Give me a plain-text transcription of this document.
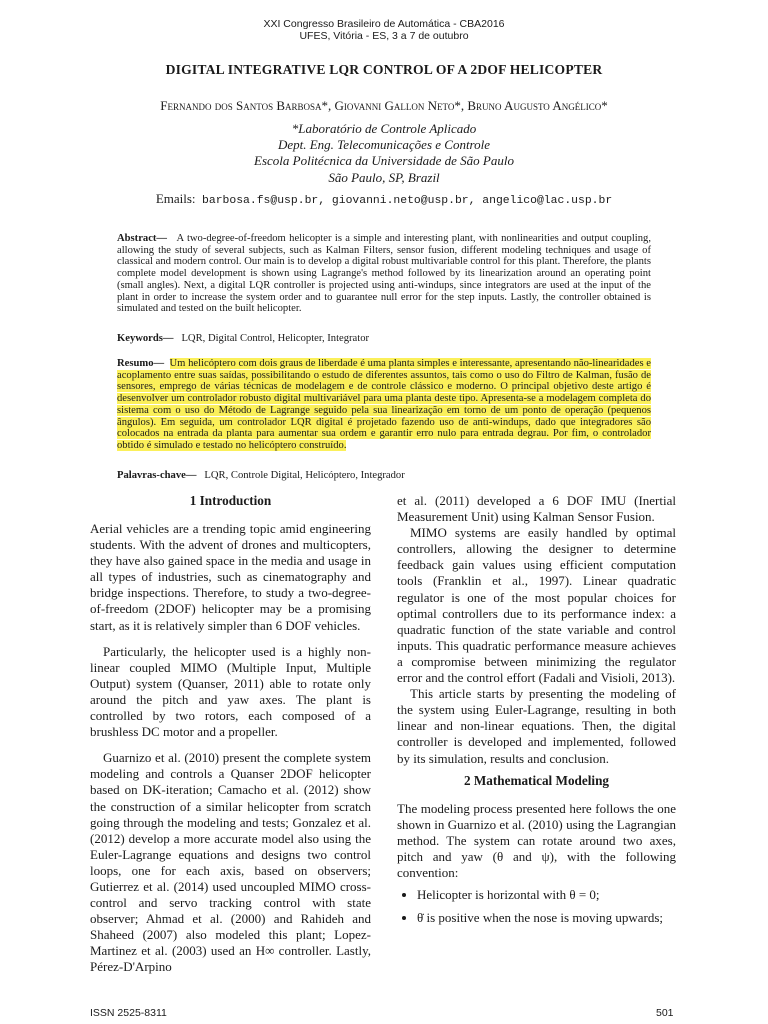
XXI Congresso Brasileiro de Automática - CBA2016
UFES, Vitória - ES, 3 a 7 de outubro
DIGITAL INTEGRATIVE LQR CONTROL OF A 2DOF HELICOPTER
Fernando dos Santos Barbosa*, Giovanni Gallon Neto*, Bruno Augusto Angélico*
*Laboratório de Controle Aplicado
Dept. Eng. Telecomunicações e Controle
Escola Politécnica da Universidade de São Paulo
São Paulo, SP, Brazil
Emails: barbosa.fs@usp.br, giovanni.neto@usp.br, angelico@lac.usp.br
Abstract— A two-degree-of-freedom helicopter is a simple and interesting plant, with nonlinearities and output coupling, allowing the study of several subjects, such as Kalman Filters, sensor fusion, different modeling techniques and usage of classical and modern control. Our main is to develop a digital robust multivariable control for this plant. Therefore, the plants complete model development is shown using Lagrange's method followed by its linearization around an operating point (small angles). Next, a digital LQR controller is projected using anti-windups, since integrators are used at the input of the plant in order to increase the system order and to guarantee null error for the step inputs. Lastly, the controller obtained is simulated and tested on the built helicopter.
Keywords— LQR, Digital Control, Helicopter, Integrator
Resumo— Um helicóptero com dois graus de liberdade é uma planta simples e interessante, apresentando não-linearidades e acoplamento entre suas saídas, possibilitando o estudo de diferentes assuntos, tais como o uso do Filtro de Kalman, fusão de sensores, emprego de várias técnicas de modelagem e de controle clássico e moderno. O principal objetivo deste artigo é desenvolver um controlador robusto digital multivariável para uma planta deste tipo. Apresenta-se a modelagem completa do sistema com o uso do Método de Lagrange seguido pela sua linearização em torno de um ponto de operação (pequenos ângulos). Em seguida, um controlador LQR digital é projetado fazendo uso de anti-windups, dado que integradores são colocados na entrada da planta para aumentar sua ordem e garantir erro nulo para entrada degrau. Por fim, o controlador obtido é simulado e testado no helicóptero construído.
Palavras-chave— LQR, Controle Digital, Helicóptero, Integrador
1 Introduction

Aerial vehicles are a trending topic amid engineering students. With the advent of drones and multicopters, they have also gained space in the media and usage in all types of industries, such as cinematography and bridge inspections. Therefore, to study a two-degree-of-freedom (2DOF) helicopter may be a promising start, as it is relatively simpler than 6 DOF vehicles.

Particularly, the helicopter used is a highly non-linear coupled MIMO (Multiple Input, Multiple Output) system (Quanser, 2011) able to rotate only around the pitch and yaw axes. The plant is controlled by two rotors, each composed of a brushless DC motor and a propeller.

Guarnizo et al. (2010) present the complete system modeling and controls a Quanser 2DOF helicopter based on DK-iteration; Camacho et al. (2012) show the construction of a similar helicopter from scratch going through the modeling and tests; Gonzalez et al. (2012) develop a more accurate model also using the Euler-Lagrange equations and designs two control loops, one for each axis, based on observers; Gutierrez et al. (2014) used uncoupled MIMO cross-control and servo tracking control with state observer; Ahmad et al. (2000) and Rahideh and Shaheed (2007) also modeled this plant; Lopez-Martinez et al. (2003) used an H∞ controller. Lastly, Pérez-D'Arpino

et al. (2011) developed a 6 DOF IMU (Inertial Measurement Unit) using Kalman Sensor Fusion.

MIMO systems are easily handled by optimal controllers, allowing the designer to determine feedback gain values using efficient computation tools (Franklin et al., 1997). Linear quadratic regulator is one of the most popular choices for optimal controllers due to its performance index: a quadratic function of the state variable and control inputs. This quadratic performance measure achieves a compromise between minimizing the regulator error and the control effort (Fadali and Visioli, 2013).

This article starts by presenting the modeling of the system using Euler-Lagrange, resulting in both linear and non-linear equations. Then, the digital controller is developed and implemented, followed by its simulation, results and conclusion.

2 Mathematical Modeling

The modeling process presented here follows the one shown in Guarnizo et al. (2010) using the Lagrangian method. The system can rotate around two axes, pitch and yaw (θ and ψ), with the following convention:

• Helicopter is horizontal with θ = 0;
• θ̇ is positive when the nose is moving upwards;
ISSN 2525-8311	501
